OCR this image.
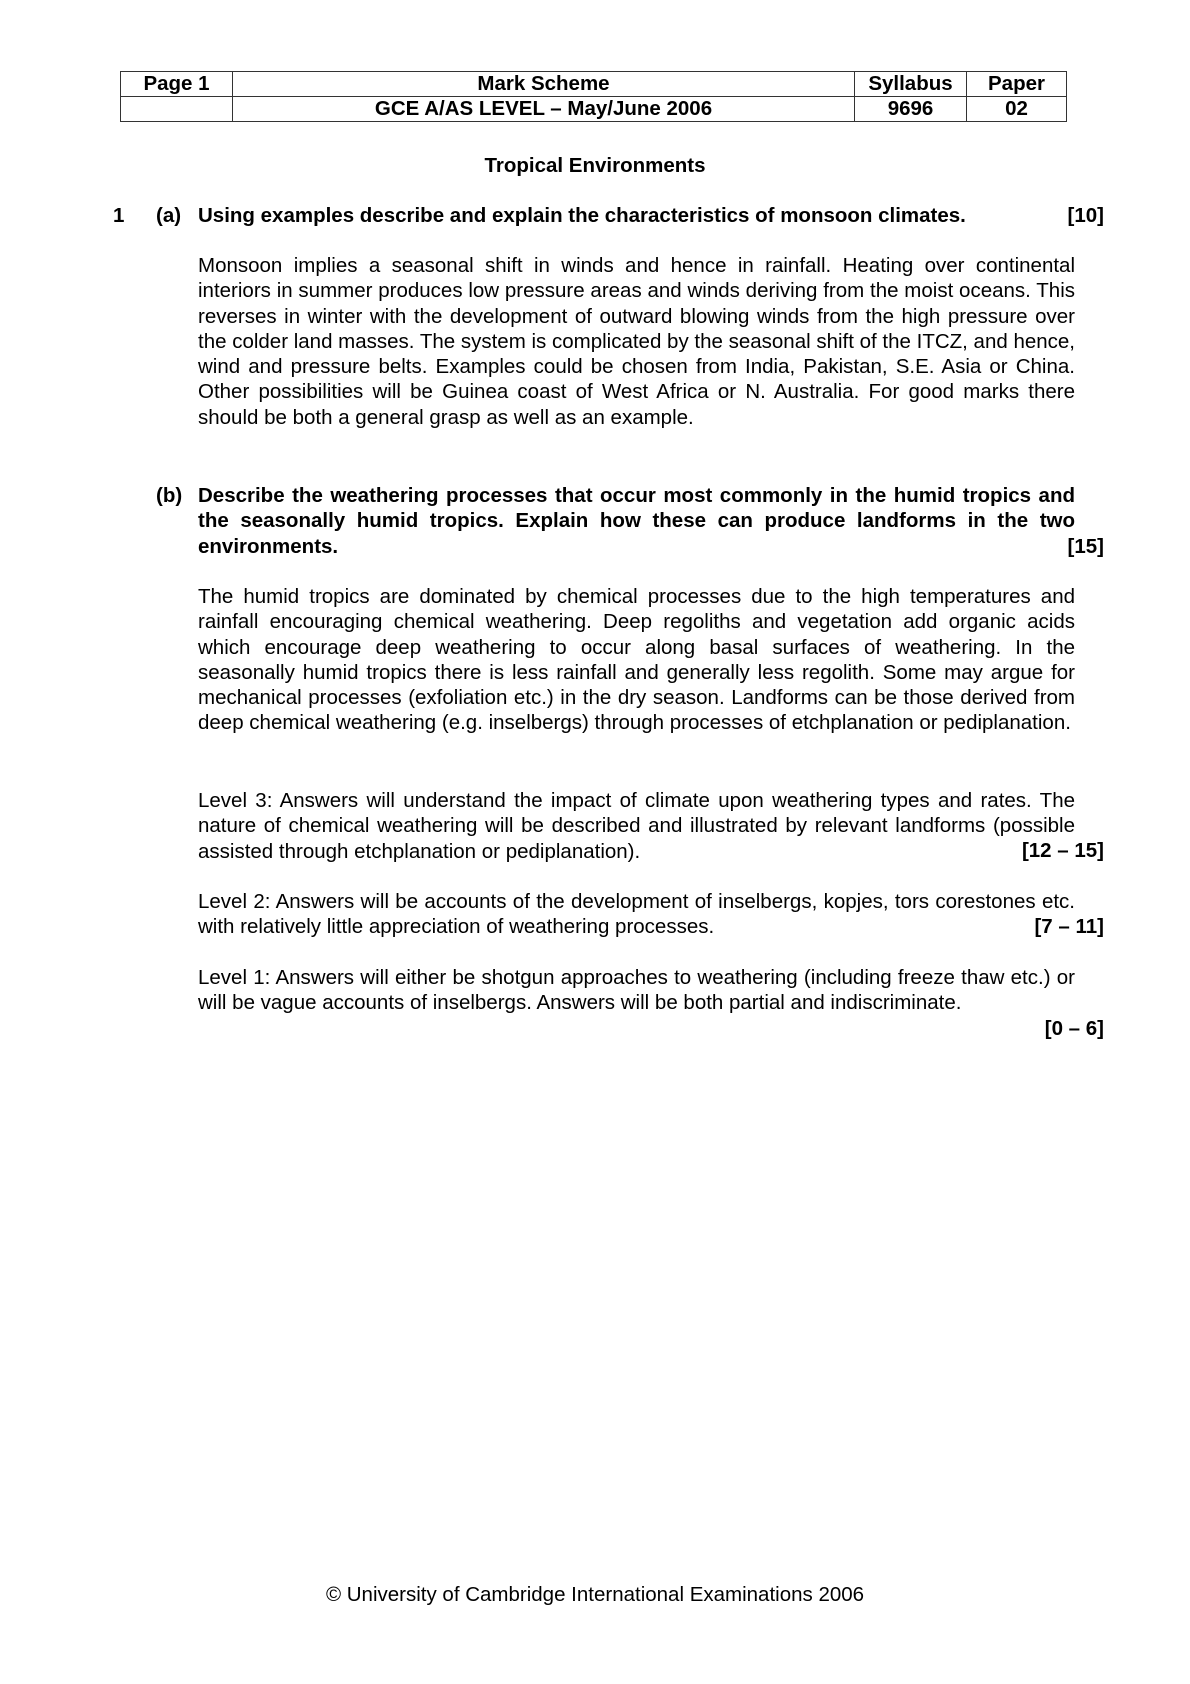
Page 1	Mark Scheme	Syllabus	Paper
	GCE A/AS LEVEL – May/June 2006	9696	02
Tropical Environments
1 (a) Using examples describe and explain the characteristics of monsoon climates.	[10]
Monsoon implies a seasonal shift in winds and hence in rainfall. Heating over continental interiors in summer produces low pressure areas and winds deriving from the moist oceans. This reverses in winter with the development of outward blowing winds from the high pressure over the colder land masses. The system is complicated by the seasonal shift of the ITCZ, and hence, wind and pressure belts. Examples could be chosen from India, Pakistan, S.E. Asia or China. Other possibilities will be Guinea coast of West Africa or N. Australia. For good marks there should be both a general grasp as well as an example.
(b) Describe the weathering processes that occur most commonly in the humid tropics and the seasonally humid tropics. Explain how these can produce landforms in the two environments.	[15]
The humid tropics are dominated by chemical processes due to the high temperatures and rainfall encouraging chemical weathering. Deep regoliths and vegetation add organic acids which encourage deep weathering to occur along basal surfaces of weathering. In the seasonally humid tropics there is less rainfall and generally less regolith. Some may argue for mechanical processes (exfoliation etc.) in the dry season. Landforms can be those derived from deep chemical weathering (e.g. inselbergs) through processes of etchplanation or pediplanation.
Level 3: Answers will understand the impact of climate upon weathering types and rates. The nature of chemical weathering will be described and illustrated by relevant landforms (possible assisted through etchplanation or pediplanation).	[12 – 15]
Level 2: Answers will be accounts of the development of inselbergs, kopjes, tors corestones etc. with relatively little appreciation of weathering processes.	[7 – 11]
Level 1: Answers will either be shotgun approaches to weathering (including freeze thaw etc.) or will be vague accounts of inselbergs. Answers will be both partial and indiscriminate.
[0 – 6]
© University of Cambridge International Examinations 2006
